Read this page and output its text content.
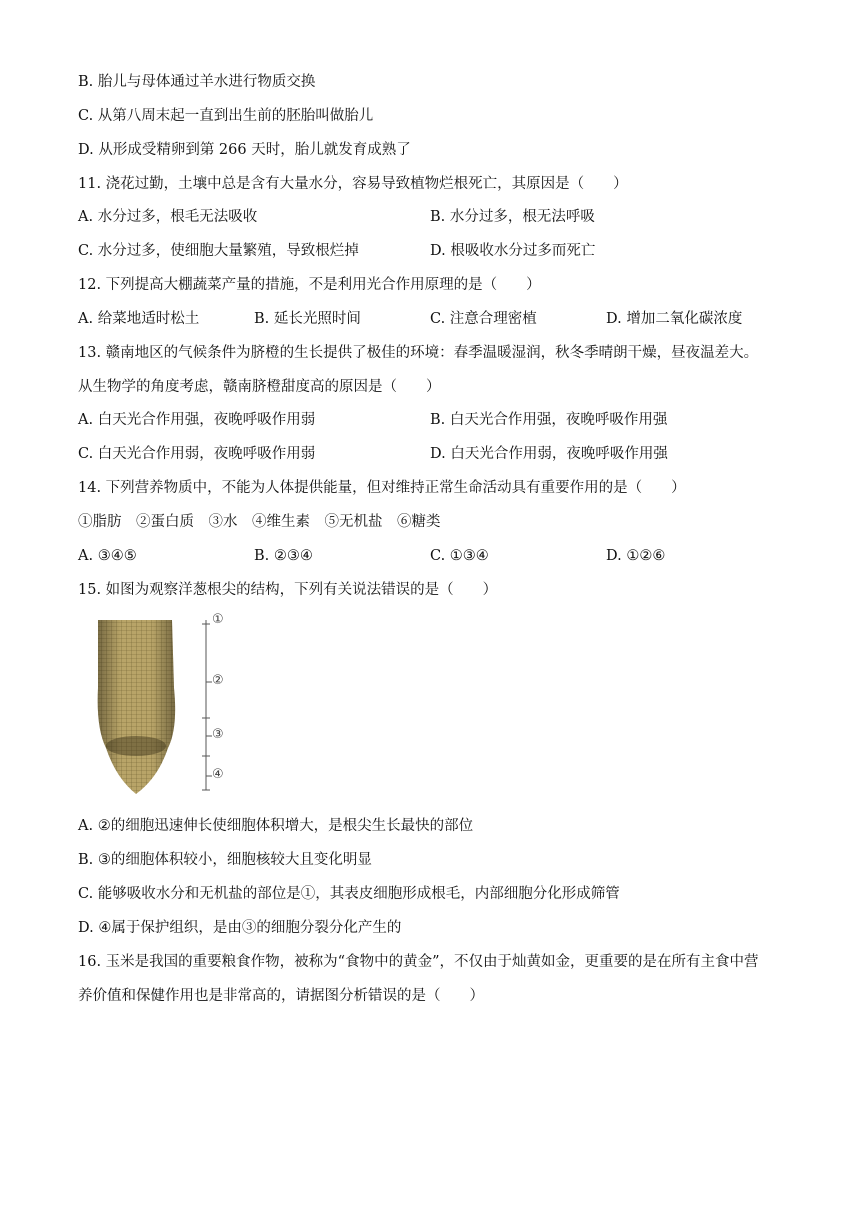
B. 胎儿与母体通过羊水进行物质交换
C. 从第八周末起一直到出生前的胚胎叫做胎儿
D. 从形成受精卵到第 266 天时，胎儿就发育成熟了
11. 浇花过勤，土壤中总是含有大量水分，容易导致植物烂根死亡，其原因是（　　）
A. 水分过多，根毛无法吸收	B. 水分过多，根无法呼吸
C. 水分过多，使细胞大量繁殖，导致根烂掉	D. 根吸收水分过多而死亡
12. 下列提高大棚蔬菜产量的措施，不是利用光合作用原理的是（　　）
A. 给菜地适时松土	B. 延长光照时间	C. 注意合理密植	D. 增加二氧化碳浓度
13. 赣南地区的气候条件为脐橙的生长提供了极佳的环境：春季温暖湿润，秋冬季晴朗干燥，昼夜温差大。
从生物学的角度考虑，赣南脐橙甜度高的原因是（　　）
A. 白天光合作用强，夜晚呼吸作用弱	B. 白天光合作用强，夜晚呼吸作用强
C. 白天光合作用弱，夜晚呼吸作用弱	D. 白天光合作用弱，夜晚呼吸作用强
14. 下列营养物质中，不能为人体提供能量，但对维持正常生命活动具有重要作用的是（　　）
①脂肪　②蛋白质　③水　④维生素　⑤无机盐　⑥糖类
A. ③④⑤	B. ②③④	C. ①③④	D. ①②⑥
15. 如图为观察洋葱根尖的结构，下列有关说法错误的是（　　）
①
②
③
④
A. ②的细胞迅速伸长使细胞体积增大，是根尖生长最快的部位
B. ③的细胞体积较小，细胞核较大且变化明显
C. 能够吸收水分和无机盐的部位是①，其表皮细胞形成根毛，内部细胞分化形成筛管
D. ④属于保护组织，是由③的细胞分裂分化产生的
16. 玉米是我国的重要粮食作物，被称为“食物中的黄金”，不仅由于灿黄如金，更重要的是在所有主食中营
养价值和保健作用也是非常高的，请据图分析错误的是（　　）
